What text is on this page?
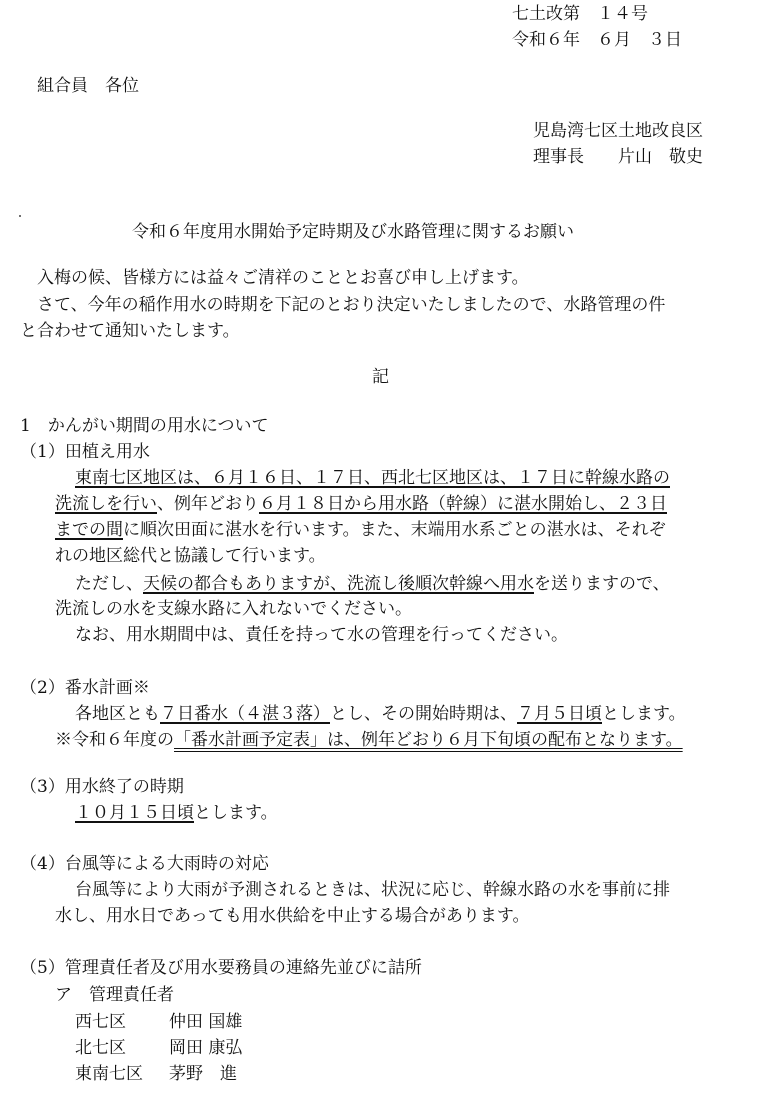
七土改第　１４号
令和６年　６月　３日
組合員　各位
児島湾七区土地改良区
理事長　　片山　敬史
令和６年度用水開始予定時期及び水路管理に関するお願い
入梅の候、皆様方には益々ご清祥のこととお喜び申し上げます。
さて、今年の稲作用水の時期を下記のとおり決定いたしましたので、水路管理の件
と合わせて通知いたします。
記
1　かんがい期間の用水について
（1）田植え用水
東南七区地区は、６月１６日、１７日、西北七区地区は、１７日に幹線水路の
洗流しを行い、例年どおり６月１８日から用水路（幹線）に湛水開始し、２３日
までの間に順次田面に湛水を行います。また、末端用水系ごとの湛水は、それぞ
れの地区総代と協議して行います。
ただし、天候の都合もありますが、洗流し後順次幹線へ用水を送りますので、
洗流しの水を支線水路に入れないでください。
なお、用水期間中は、責任を持って水の管理を行ってください。
（2）番水計画※
各地区とも７日番水（４湛３落）とし、その開始時期は、７月５日頃とします。
※令和６年度の「番水計画予定表」は、例年どおり６月下旬頃の配布となります。
（3）用水終了の時期
１０月１５日頃とします。
（4）台風等による大雨時の対応
台風等により大雨が予測されるときは、状況に応じ、幹線水路の水を事前に排
水し、用水日であっても用水供給を中止する場合があります。
（5）管理責任者及び用水要務員の連絡先並びに詰所
ア　管理責任者
西七区	仲田 国雄
北七区	岡田 康弘
東南七区 茅野　進
